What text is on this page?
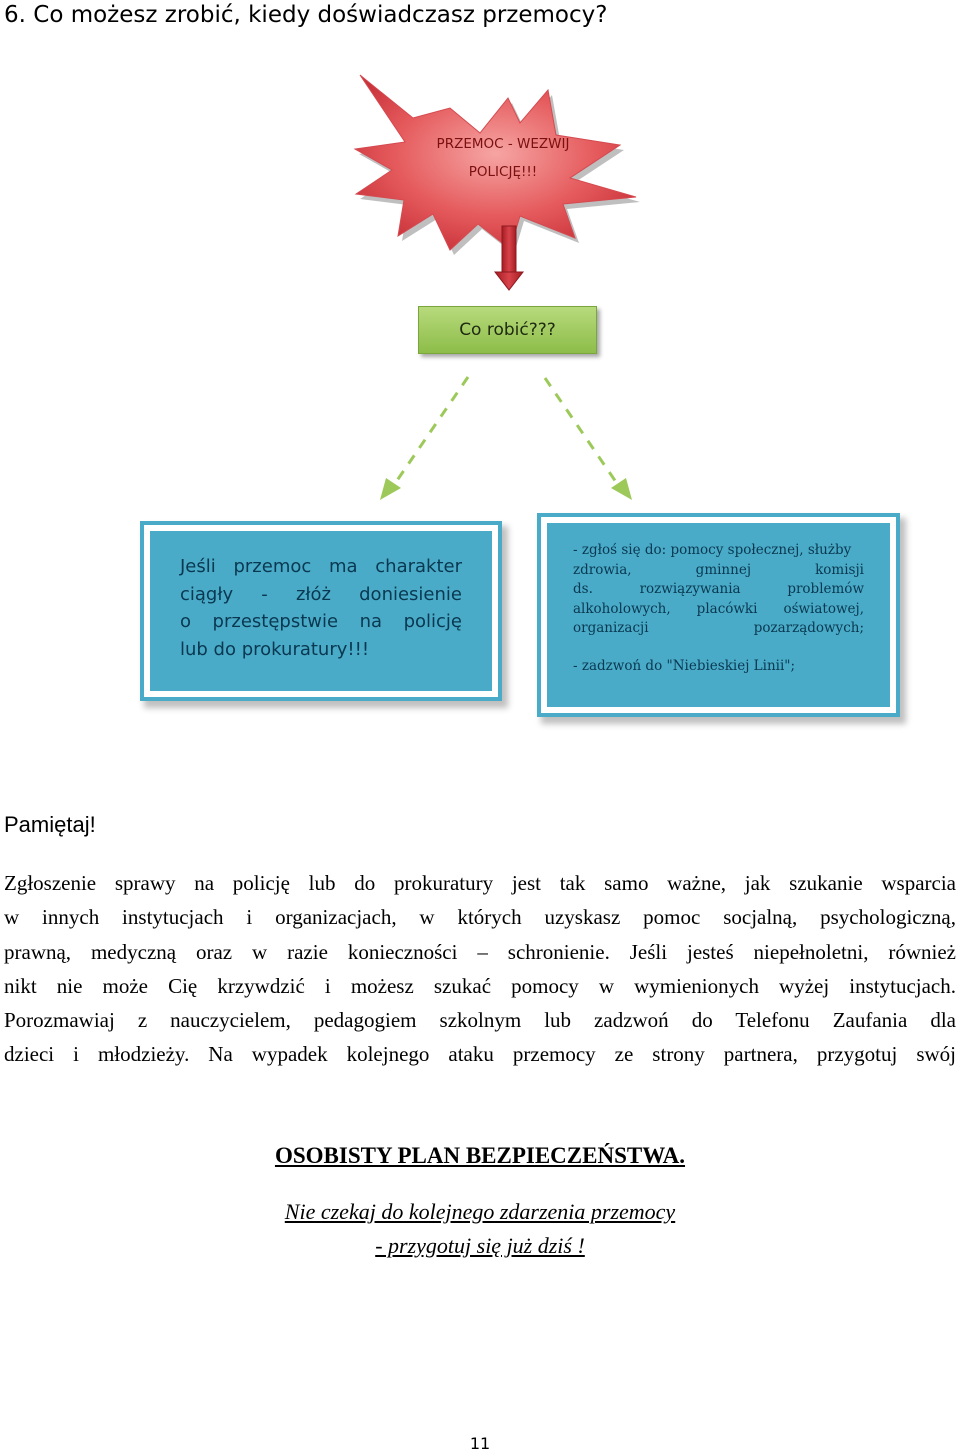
6. Co możesz zrobić, kiedy doświadczasz przemocy?
PRZEMOC - WEZWIJ
POLICJĘ!!!
Co robić???
Jeśli przemoc ma charakter
ciągły - złóż doniesienie
o przestępstwie na policję
lub do prokuratury!!!
- zgłoś się do: pomocy społecznej, służby
zdrowia, gminnej komisji
ds. rozwiązywania problemów
alkoholowych, placówki oświatowej,
organizacji pozarządowych;
- zadzwoń do "Niebieskiej Linii";
Pamiętaj!
Zgłoszenie sprawy na policję lub do prokuratury jest tak samo ważne, jak szukanie wsparcia
w innych instytucjach i organizacjach, w których uzyskasz pomoc socjalną, psychologiczną,
prawną, medyczną oraz w razie konieczności – schronienie. Jeśli jesteś niepełnoletni, również
nikt nie może Cię krzywdzić i możesz szukać pomocy w wymienionych wyżej instytucjach.
Porozmawiaj z nauczycielem, pedagogiem szkolnym lub zadzwoń do Telefonu Zaufania dla
dzieci i młodzieży. Na wypadek kolejnego ataku przemocy ze strony partnera, przygotuj swój
OSOBISTY PLAN BEZPIECZEŃSTWA.
Nie czekaj do kolejnego zdarzenia przemocy
- przygotuj się już dziś !
11
